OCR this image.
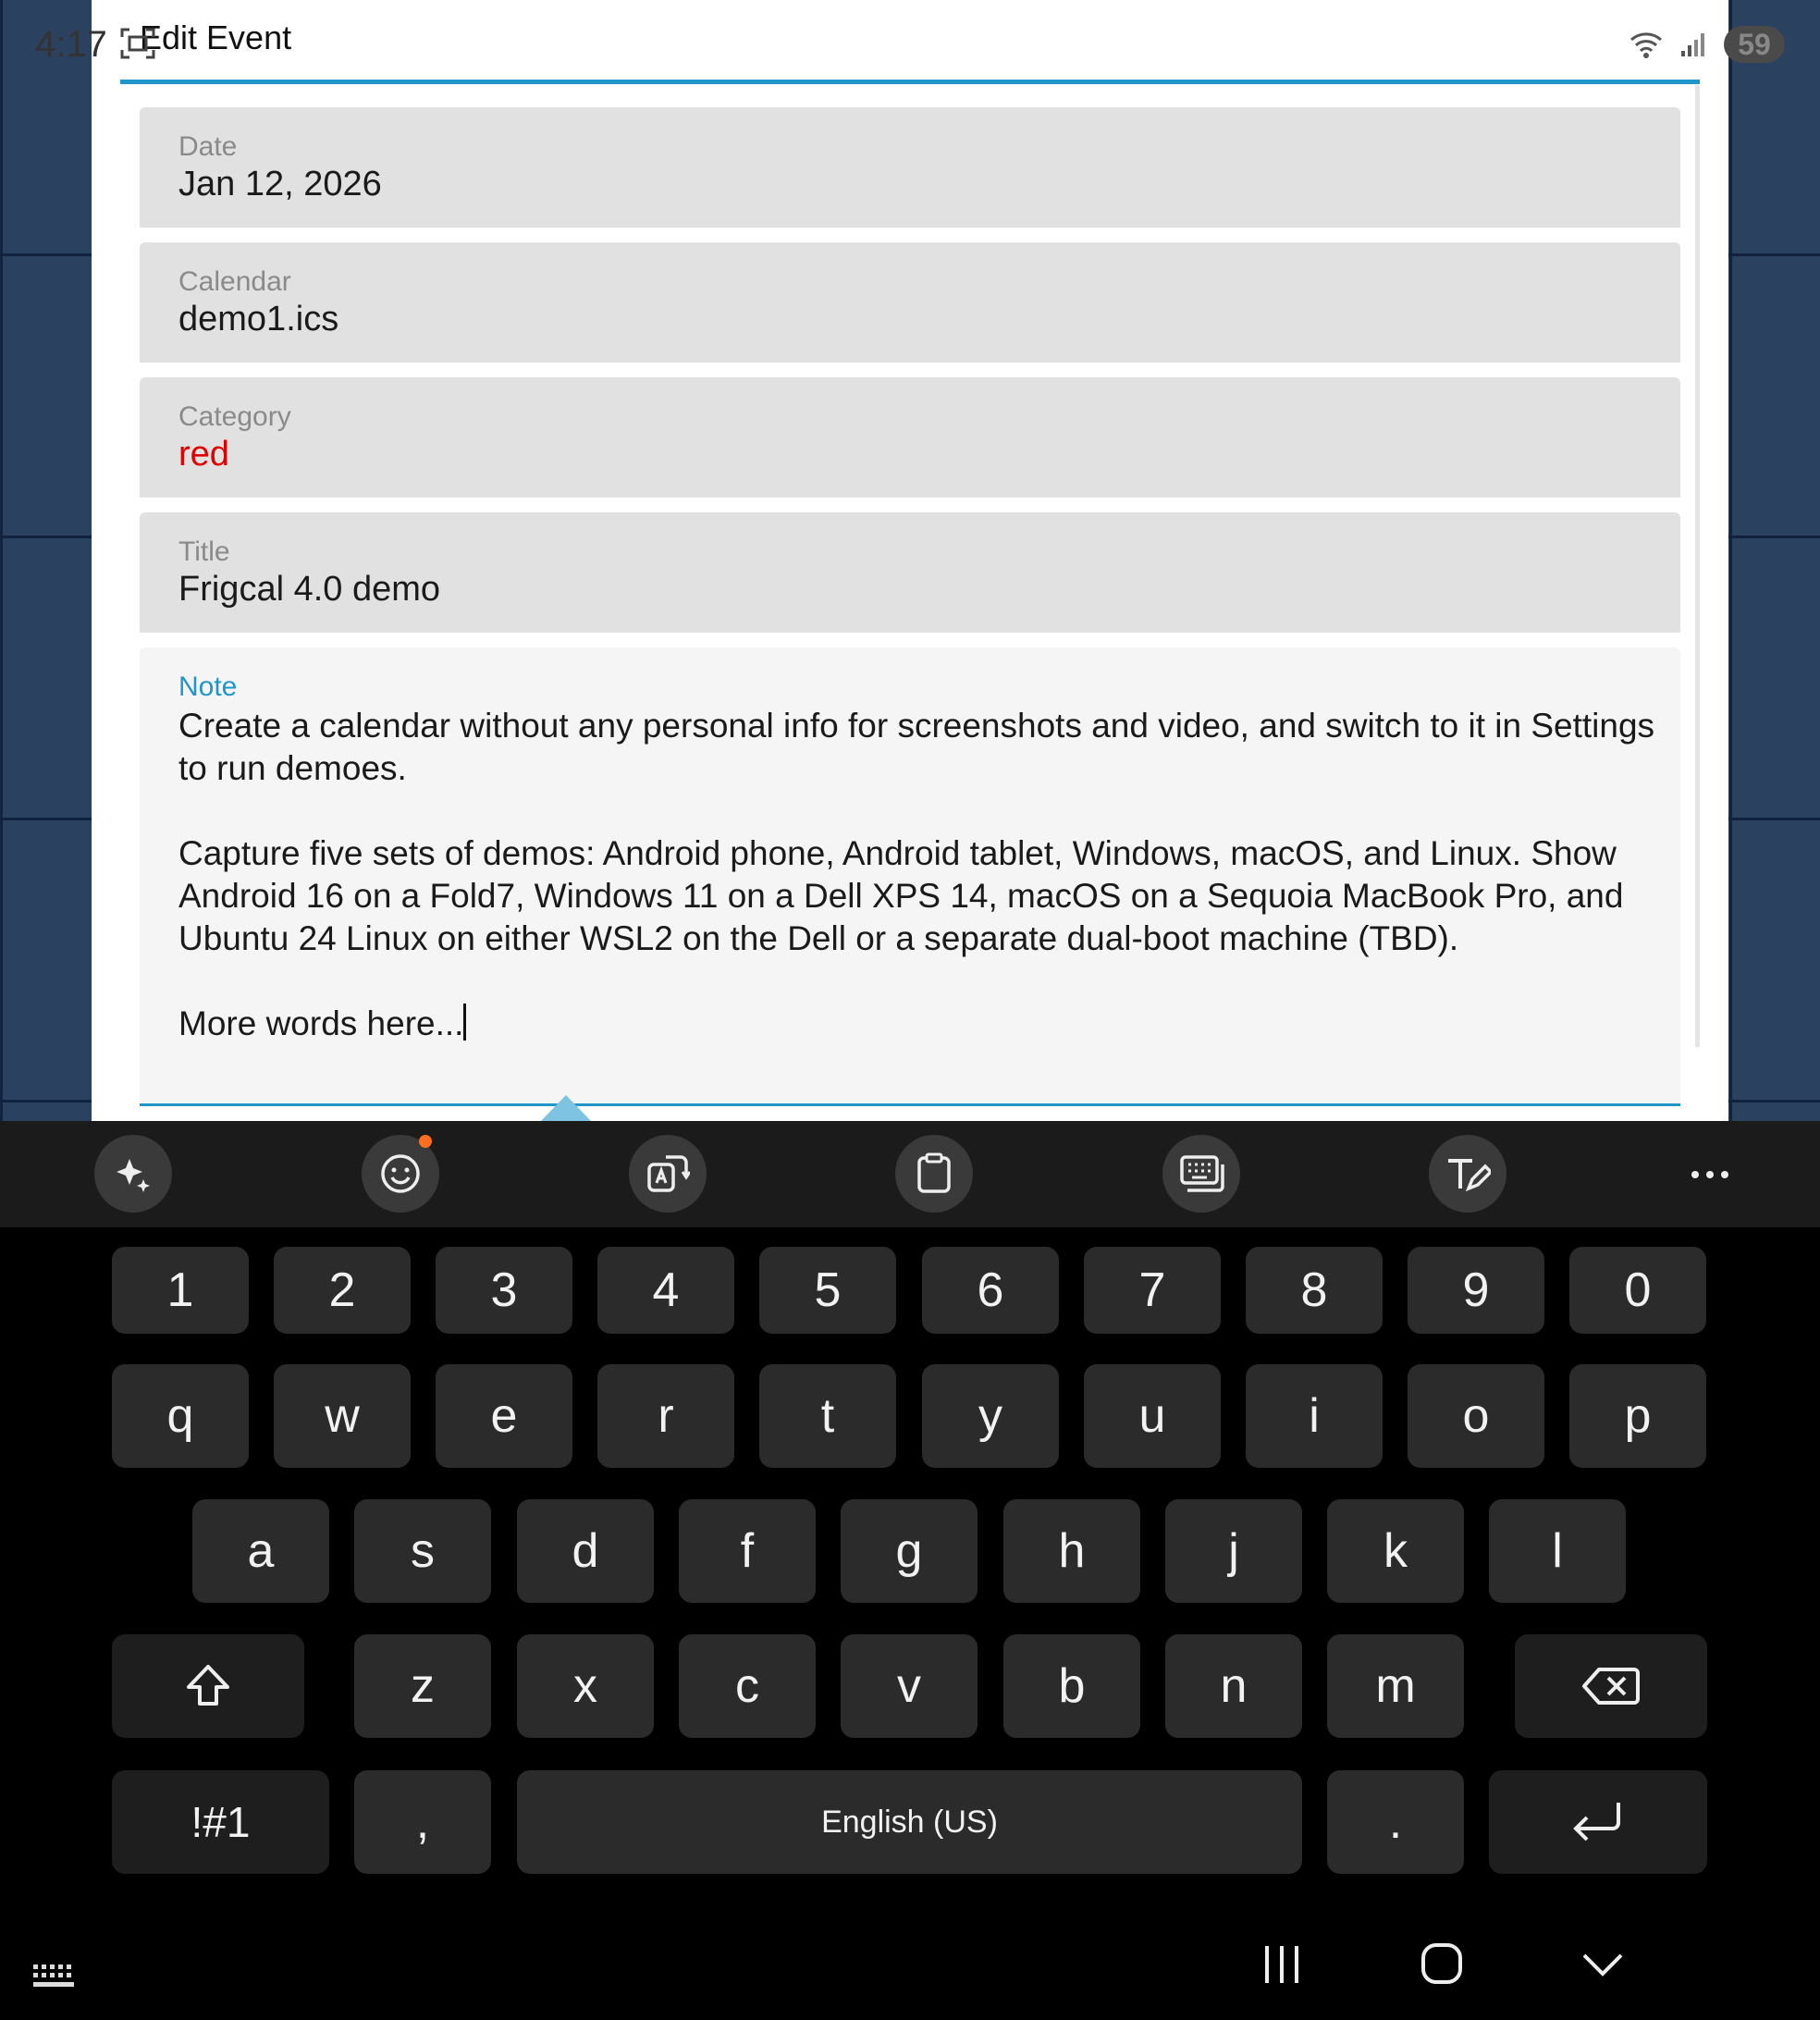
4:17	59
Edit Event
Date
Jan 12, 2026
Calendar
demo1.ics
Category
red
Title
Frigcal 4.0 demo
Note

Create a calendar without any personal info for screenshots and video, and switch to it in Settings to run demoes.

Capture five sets of demos: Android phone, Android tablet, Windows, macOS, and Linux. Show Android 16 on a Fold7, Windows 11 on a Dell XPS 14, macOS on a Sequoia MacBook Pro, and Ubuntu 24 Linux on either WSL2 on the Dell or a separate dual-boot machine (TBD).

More words here...

1	2	3	4	5	6	7	8	9	0
q	w	e	r	t	y	u	i	o	p
a	s	d	f	g	h	j	k	l
z	x	c	v	b	n	m
!#1	,	English (US)	.
